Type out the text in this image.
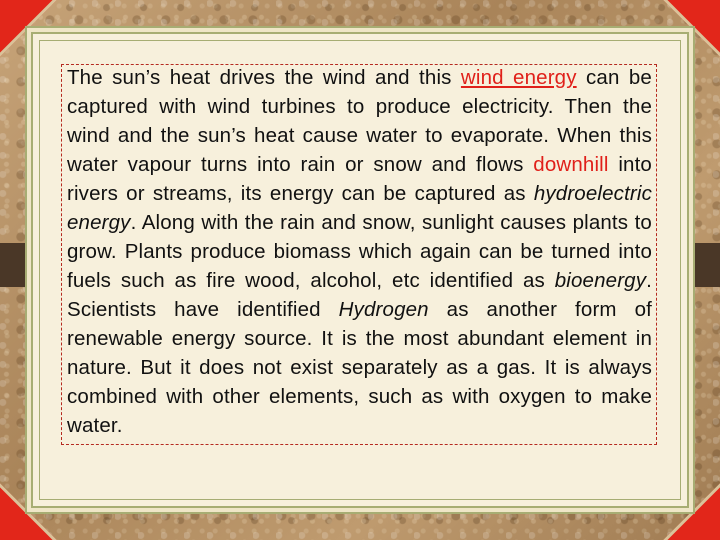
The sun’s heat drives the wind and this wind energy can be captured with wind turbines to produce electricity. Then the wind and the sun’s heat cause water to evaporate. When this water vapour turns into rain or snow and flows downhill into rivers or streams, its energy can be captured as hydroelectric energy. Along with the rain and snow, sunlight causes plants to grow. Plants produce biomass which again can be turned into fuels such as fire wood, alcohol, etc identified as bioenergy. Scientists have identified Hydrogen as another form of renewable energy source. It is the most abundant element in nature. But it does not exist separately as a gas. It is always combined with other elements, such as with oxygen to make water.
